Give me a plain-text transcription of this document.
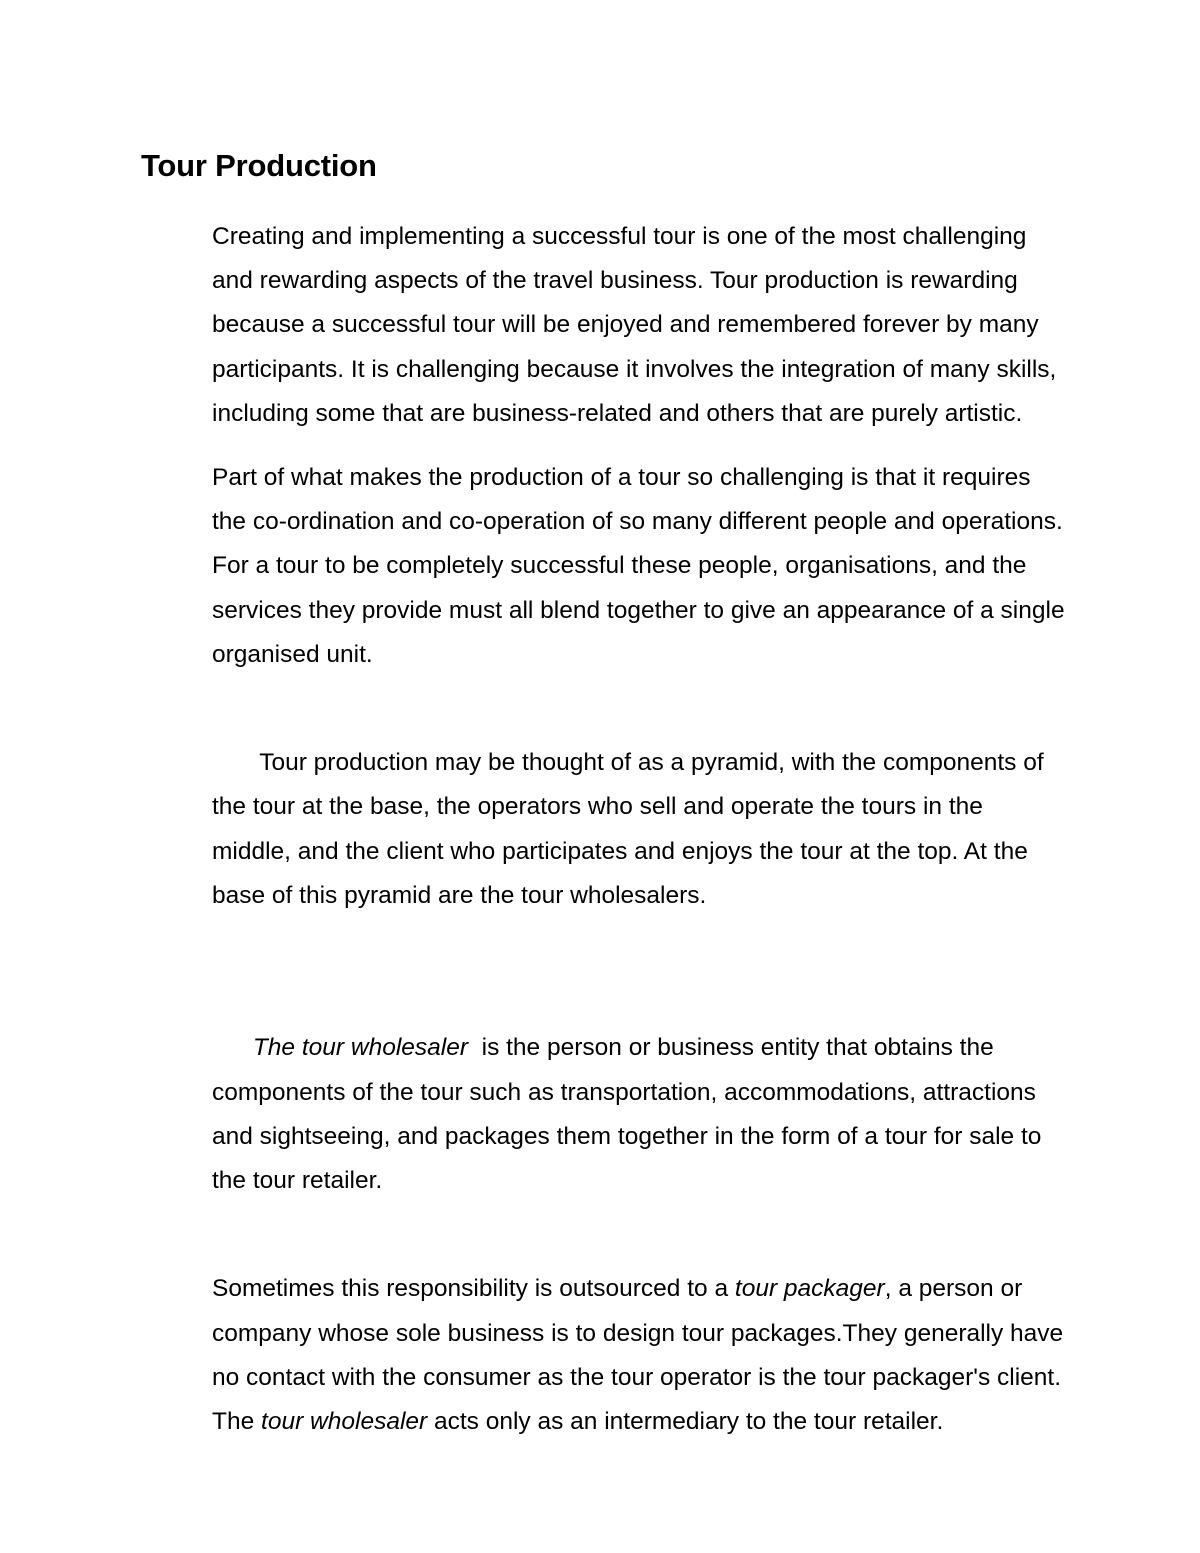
Tour Production

Creating and implementing a successful tour is one of the most challenging and rewarding aspects of the travel business. Tour production is rewarding because a successful tour will be enjoyed and remembered forever by many participants. It is challenging because it involves the integration of many skills, including some that are business-related and others that are purely artistic.

Part of what makes the production of a tour so challenging is that it requires the co-ordination and co-operation of so many different people and operations. For a tour to be completely successful these people, organisations, and the services they provide must all blend together to give an appearance of a single organised unit.

Tour production may be thought of as a pyramid, with the components of the tour at the base, the operators who sell and operate the tours in the middle, and the client who participates and enjoys the tour at the top. At the base of this pyramid are the tour wholesalers.

The tour wholesaler  is the person or business entity that obtains the components of the tour such as transportation, accommodations, attractions and sightseeing, and packages them together in the form of a tour for sale to the tour retailer.

Sometimes this responsibility is outsourced to a tour packager, a person or company whose sole business is to design tour packages.They generally have no contact with the consumer as the tour operator is the tour packager's client. The tour wholesaler acts only as an intermediary to the tour retailer.
